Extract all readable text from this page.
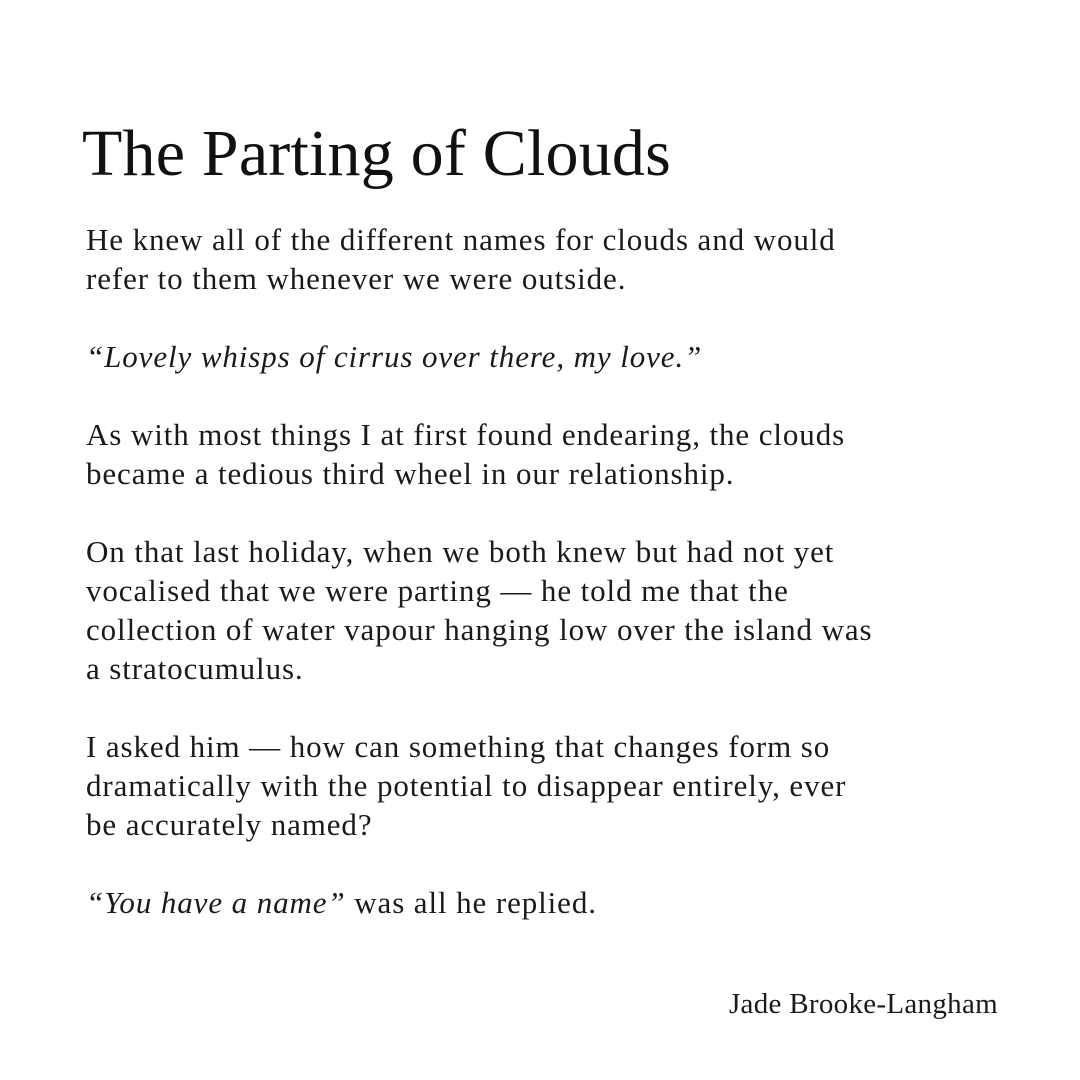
The Parting of Clouds

He knew all of the different names for clouds and would
refer to them whenever we were outside.

“Lovely whisps of cirrus over there, my love.”

As with most things I at first found endearing, the clouds
became a tedious third wheel in our relationship.

On that last holiday, when we both knew but had not yet
vocalised that we were parting — he told me that the
collection of water vapour hanging low over the island was
a stratocumulus.

I asked him — how can something that changes form so
dramatically with the potential to disappear entirely, ever
be accurately named?

“You have a name” was all he replied.

Jade Brooke-Langham
